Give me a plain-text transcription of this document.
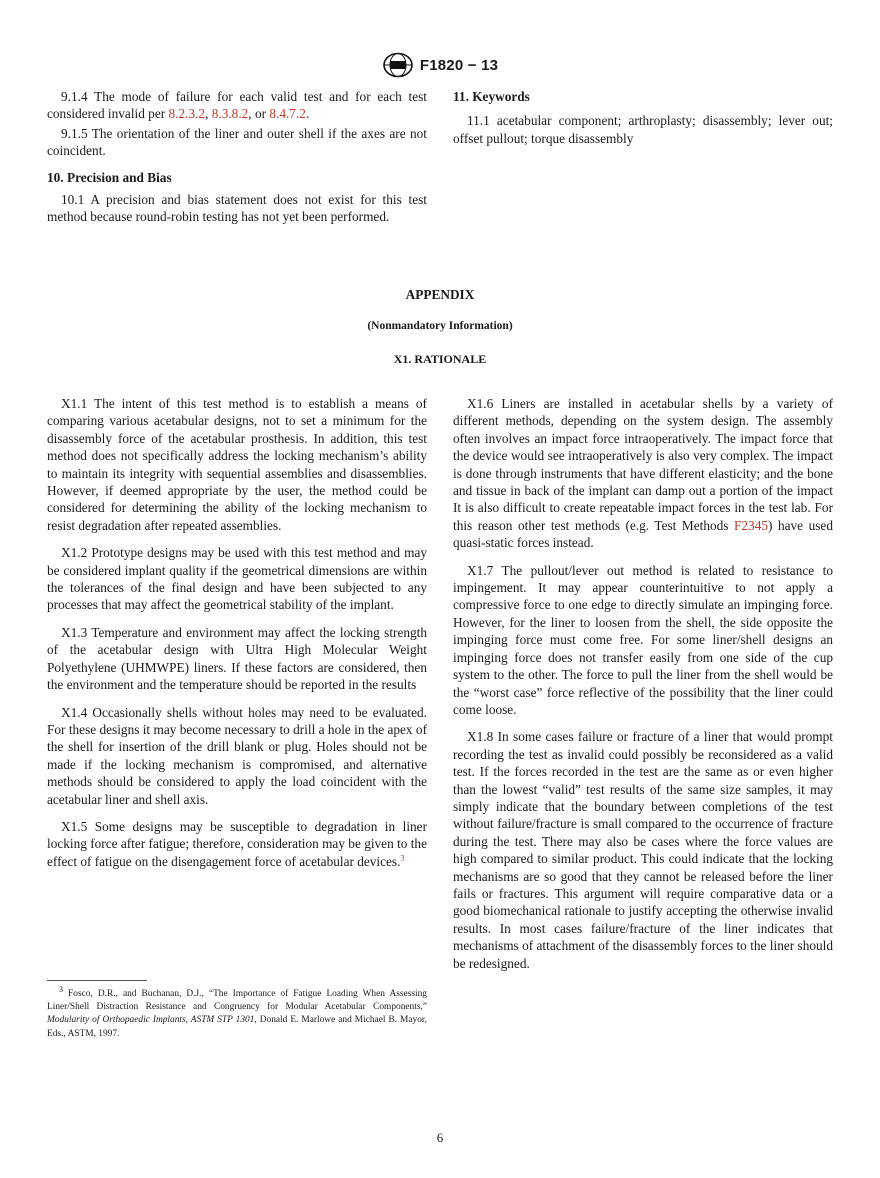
F1820 − 13

9.1.4 The mode of failure for each valid test and for each test considered invalid per 8.2.3.2, 8.3.8.2, or 8.4.7.2.

9.1.5 The orientation of the liner and outer shell if the axes are not coincident.

10. Precision and Bias

10.1 A precision and bias statement does not exist for this test method because round-robin testing has not yet been performed.

11. Keywords

11.1 acetabular component; arthroplasty; disassembly; lever out; offset pullout; torque disassembly

APPENDIX
(Nonmandatory Information)
X1. RATIONALE

X1.1 The intent of this test method is to establish a means of comparing various acetabular designs, not to set a minimum for the disassembly force of the acetabular prosthesis. In addition, this test method does not specifically address the locking mechanism’s ability to maintain its integrity with sequential assemblies and disassemblies. However, if deemed appropriate by the user, the method could be considered for determining the ability of the locking mechanism to resist degradation after repeated assemblies.

X1.2 Prototype designs may be used with this test method and may be considered implant quality if the geometrical dimensions are within the tolerances of the final design and have been subjected to any processes that may affect the geometrical stability of the implant.

X1.3 Temperature and environment may affect the locking strength of the acetabular design with Ultra High Molecular Weight Polyethylene (UHMWPE) liners. If these factors are considered, then the environment and the temperature should be reported in the results

X1.4 Occasionally shells without holes may need to be evaluated. For these designs it may become necessary to drill a hole in the apex of the shell for insertion of the drill blank or plug. Holes should not be made if the locking mechanism is compromised, and alternative methods should be considered to apply the load coincident with the acetabular liner and shell axis.

X1.5 Some designs may be susceptible to degradation in liner locking force after fatigue; therefore, consideration may be given to the effect of fatigue on the disengagement force of acetabular devices.$^3$

$^3$ Fosco, D.R., and Buchanan, D.J., “The Importance of Fatigue Loading When Assessing Liner/Shell Distraction Resistance and Congruency for Modular Acetabular Components,” Modularity of Orthopaedic Implants, ASTM STP 1301, Donald E. Marlowe and Michael B. Mayor, Eds., ASTM, 1997.

X1.6 Liners are installed in acetabular shells by a variety of different methods, depending on the system design. The assembly often involves an impact force intraoperatively. The impact force that the device would see intraoperatively is also very complex. The impact is done through instruments that have different elasticity; and the bone and tissue in back of the implant can damp out a portion of the impact It is also difficult to create repeatable impact forces in the test lab. For this reason other test methods (e.g. Test Methods F2345) have used quasi-static forces instead.

X1.7 The pullout/lever out method is related to resistance to impingement. It may appear counterintuitive to not apply a compressive force to one edge to directly simulate an impinging force. However, for the liner to loosen from the shell, the side opposite the impinging force must come free. For some liner/shell designs an impinging force does not transfer easily from one side of the cup system to the other. The force to pull the liner from the shell would be the “worst case” force reflective of the possibility that the liner could come loose.

X1.8 In some cases failure or fracture of a liner that would prompt recording the test as invalid could possibly be reconsidered as a valid test. If the forces recorded in the test are the same as or even higher than the lowest “valid” test results of the same size samples, it may simply indicate that the boundary between completions of the test without failure/fracture is small compared to the occurrence of fracture during the test. There may also be cases where the force values are high compared to similar product. This could indicate that the locking mechanisms are so good that they cannot be released before the liner fails or fractures. This argument will require comparative data or a good biomechanical rationale to justify accepting the otherwise invalid results. In most cases failure/fracture of the liner indicates that mechanisms of attachment of the disassembly forces to the liner should be redesigned.

6
